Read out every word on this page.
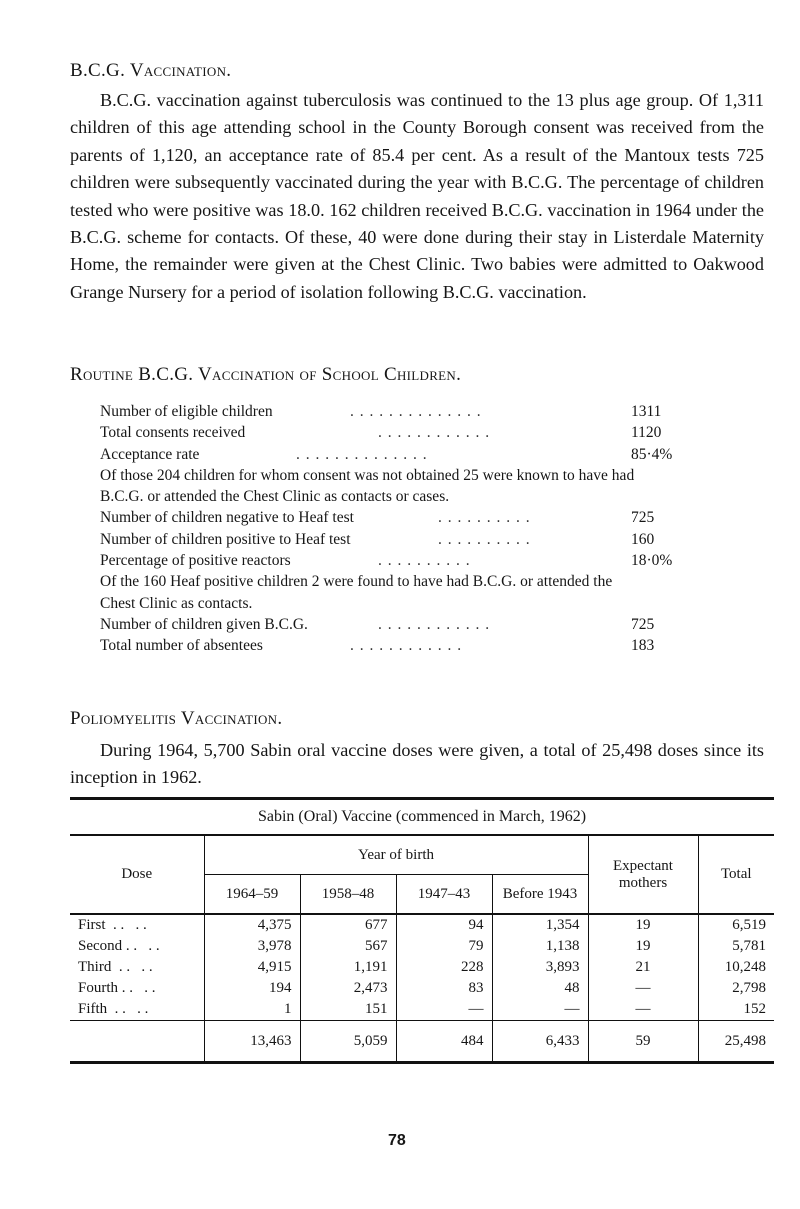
B.C.G. Vaccination.

B.C.G. vaccination against tuberculosis was continued to the 13 plus age group. Of 1,311 children of this age attending school in the County Borough consent was received from the parents of 1,120, an acceptance rate of 85.4 per cent. As a result of the Mantoux tests 725 children were subsequently vaccinated during the year with B.C.G. The percentage of children tested who were positive was 18.0. 162 children received B.C.G. vaccination in 1964 under the B.C.G. scheme for contacts. Of these, 40 were done during their stay in Listerdale Maternity Home, the remainder were given at the Chest Clinic. Two babies were admitted to Oakwood Grange Nursery for a period of isolation following B.C.G. vaccination.

Routine B.C.G. Vaccination of School Children.
Number of eligible children	. . . . . . . . . . . . . .	1311
Total consents received	. . . . . . . . . . . .	1120
Acceptance rate	. . . . . . . . . . . . . .	85·4%
Of those 204 children for whom consent was not obtained 25 were known to have had B.C.G. or attended the Chest Clinic as contacts or cases.
Number of children negative to Heaf test	. . . . . . . . . .	725
Number of children positive to Heaf test	. . . . . . . . . .	160
Percentage of positive reactors	. . . . . . . . . .	18·0%
Of the 160 Heaf positive children 2 were found to have had B.C.G. or attended the Chest Clinic as contacts.
Number of children given B.C.G.	. . . . . . . . . . . .	725
Total number of absentees	. . . . . . . . . . . .	183
Poliomyelitis Vaccination.

During 1964, 5,700 Sabin oral vaccine doses were given, a total of 25,498 doses since its inception in 1962.

Sabin (Oral) Vaccine (commenced in March, 1962)						
Dose	Year of birth				Expectant mothers	Total
	1964–59	1958–48	1947–43	Before 1943		
First  . .   . .	4,375	677	94	1,354	19	6,519
Second . .   . .	3,978	567	79	1,138	19	5,781
Third  . .   . .	4,915	1,191	228	3,893	21	10,248
Fourth . .   . .	194	2,473	83	48	—	2,798
Fifth  . .   . .	1	151	—	—	—	152
	13,463	5,059	484	6,433	59	25,498
78
